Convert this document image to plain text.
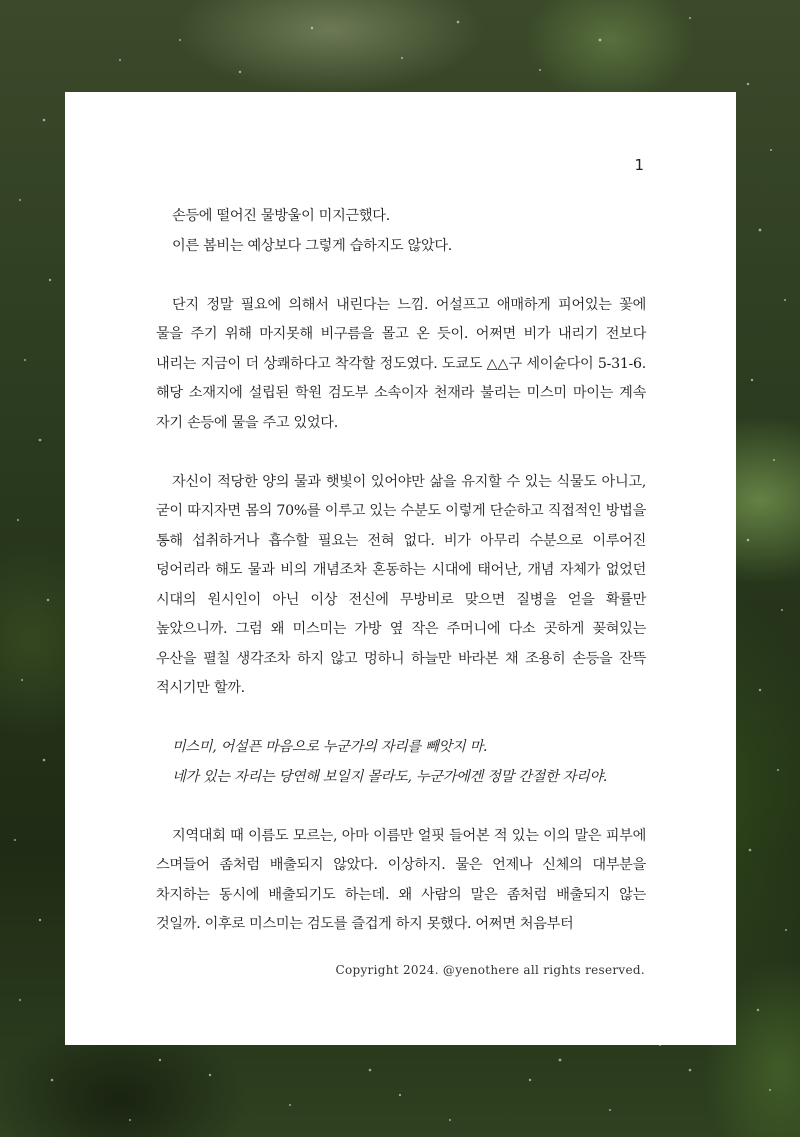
1

손등에 떨어진 물방울이 미지근했다.

이른 봄비는 예상보다 그렇게 습하지도 않았다.

단지 정말 필요에 의해서 내린다는 느낌. 어설프고 애매하게 피어있는 꽃에 물을 주기 위해 마지못해 비구름을 몰고 온 듯이. 어쩌면 비가 내리기 전보다 내리는 지금이 더 상쾌하다고 착각할 정도였다. 도쿄도 △△구 세이슌다이 5-31-6. 해당 소재지에 설립된 학원 검도부 소속이자 천재라 불리는 미스미 마이는 계속 자기 손등에 물을 주고 있었다.

자신이 적당한 양의 물과 햇빛이 있어야만 삶을 유지할 수 있는 식물도 아니고, 굳이 따지자면 몸의 70%를 이루고 있는 수분도 이렇게 단순하고 직접적인 방법을 통해 섭취하거나 흡수할 필요는 전혀 없다. 비가 아무리 수분으로 이루어진 덩어리라 해도 물과 비의 개념조차 혼동하는 시대에 태어난, 개념 자체가 없었던 시대의 원시인이 아닌 이상 전신에 무방비로 맞으면 질병을 얻을 확률만 높았으니까. 그럼 왜 미스미는 가방 옆 작은 주머니에 다소 곳하게 꽂혀있는 우산을 펼칠 생각조차 하지 않고 멍하니 하늘만 바라본 채 조용히 손등을 잔뜩 적시기만 할까.

미스미, 어설픈 마음으로 누군가의 자리를 빼앗지 마.

네가 있는 자리는 당연해 보일지 몰라도, 누군가에겐 정말 간절한 자리야.

지역대회 때 이름도 모르는, 아마 이름만 얼핏 들어본 적 있는 이의 말은 피부에 스며들어 좀처럼 배출되지 않았다. 이상하지. 물은 언제나 신체의 대부분을 차지하는 동시에 배출되기도 하는데. 왜 사람의 말은 좀처럼 배출되지 않는 것일까. 이후로 미스미는 검도를 즐겁게 하지 못했다. 어쩌면 처음부터

Copyright 2024. @yenothere all rights reserved.
